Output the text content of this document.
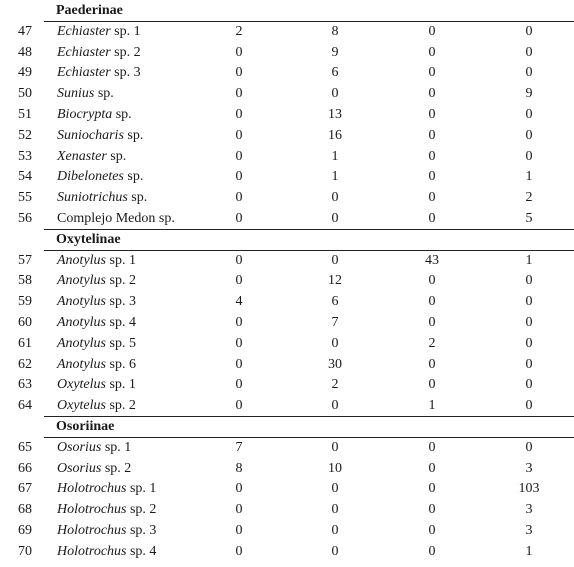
Paederinae
47 Echiaster sp. 1	2	8	0	0
48 Echiaster sp. 2	0	9	0	0
49 Echiaster sp. 3	0	6	0	0
50 Sunius sp.	0	0	0	9
51 Biocrypta sp.	0	13	0	0
52 Suniocharis sp.	0	16	0	0
53 Xenaster sp.	0	1	0	0
54 Dibelonetes sp.	0	1	0	1
55 Suniotrichus sp.	0	0	0	2
56 Complejo Medon sp.	0	0	0	5
Oxytelinae
57 Anotylus sp. 1	0	0	43	1
58 Anotylus sp. 2	0	12	0	0
59 Anotylus sp. 3	4	6	0	0
60 Anotylus sp. 4	0	7	0	0
61 Anotylus sp. 5	0	0	2	0
62 Anotylus sp. 6	0	30	0	0
63 Oxytelus sp. 1	0	2	0	0
64 Oxytelus sp. 2	0	0	1	0
Osoriinae
65 Osorius sp. 1	7	0	0	0
66 Osorius sp. 2	8	10	0	3
67 Holotrochus sp. 1	0	0	0	103
68 Holotrochus sp. 2	0	0	0	3
69 Holotrochus sp. 3	0	0	0	3
70 Holotrochus sp. 4	0	0	0	1
